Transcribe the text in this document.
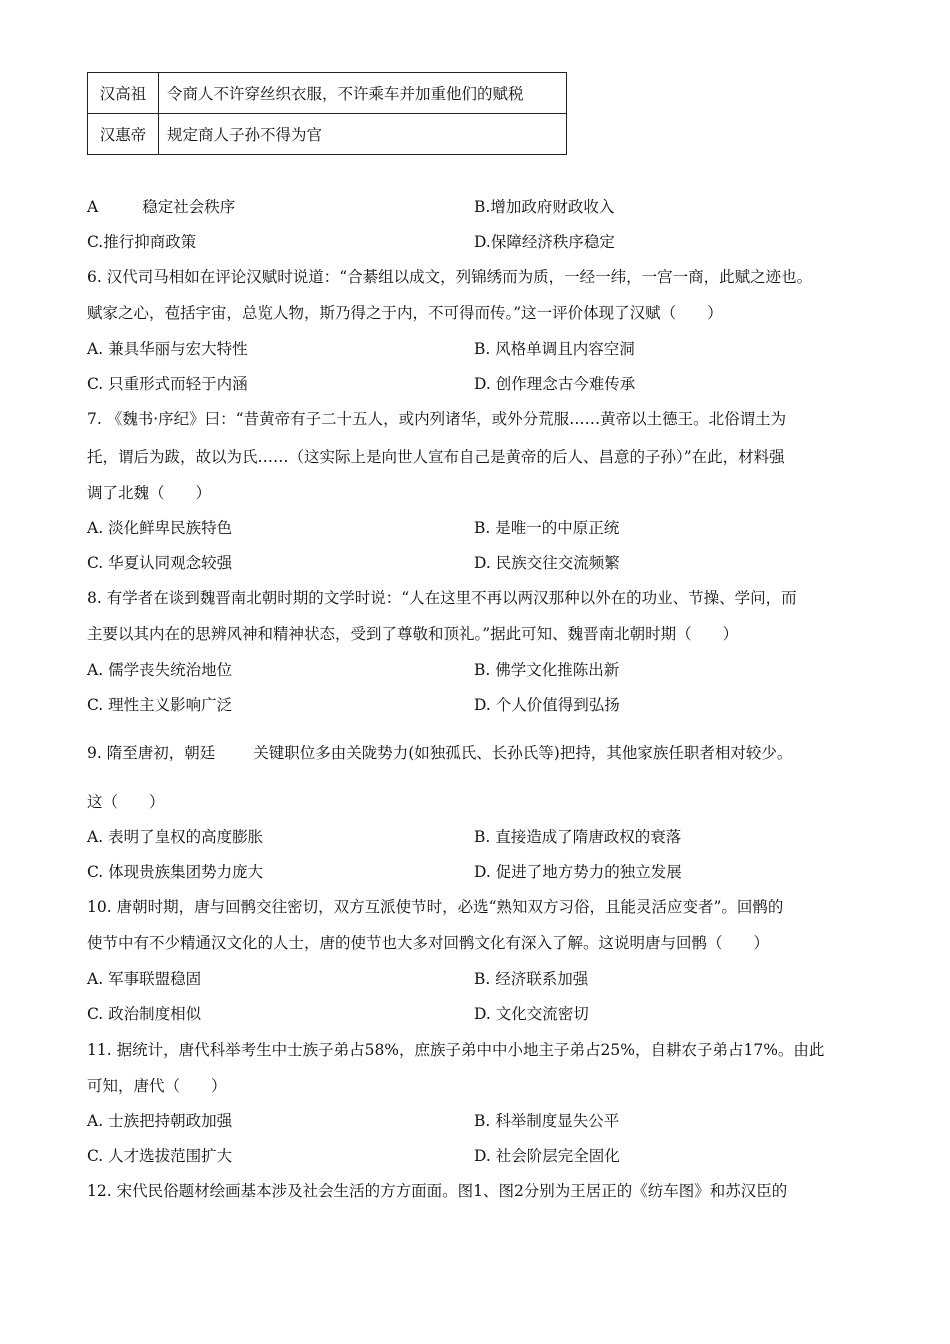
汉高祖	令商人不许穿丝织衣服，不许乘车并加重他们的赋税
汉惠帝	规定商人子孙不得为官
A	稳定社会秩序	B.增加政府财政收入
C.推行抑商政策	D.保障经济秩序稳定
6. 汉代司马相如在评论汉赋时说道：“合綦组以成文，列锦绣而为质，一经一纬，一宫一商，此赋之迹也。
赋家之心，苞括宇宙，总览人物，斯乃得之于内，不可得而传。”这一评价体现了汉赋（　　）
A. 兼具华丽与宏大特性	B. 风格单调且内容空洞
C. 只重形式而轻于内涵	D. 创作理念古今难传承
7. 《魏书·序纪》曰：“昔黄帝有子二十五人，或内列诸华，或外分荒服……黄帝以土德王。北俗谓土为
托，谓后为跋，故以为氏……（这实际上是向世人宣布自己是黄帝的后人、昌意的子孙）”在此，材料强
调了北魏（　　）
A. 淡化鲜卑民族特色	B. 是唯一的中原正统
C. 华夏认同观念较强	D. 民族交往交流频繁
8. 有学者在谈到魏晋南北朝时期的文学时说：“人在这里不再以两汉那种以外在的功业、节操、学问，而
主要以其内在的思辨风神和精神状态，受到了尊敬和顶礼。”据此可知、魏晋南北朝时期（　　）
A. 儒学丧失统治地位	B. 佛学文化推陈出新
C. 理性主义影响广泛	D. 个人价值得到弘扬
9. 隋至唐初，朝廷 关键职位多由关陇势力(如独孤氏、长孙氏等)把持，其他家族任职者相对较少。
这（　　）
A. 表明了皇权的高度膨胀	B. 直接造成了隋唐政权的衰落
C. 体现贵族集团势力庞大	D. 促进了地方势力的独立发展
10. 唐朝时期，唐与回鹘交往密切，双方互派使节时，必选“熟知双方习俗，且能灵活应变者”。回鹘的
使节中有不少精通汉文化的人士，唐的使节也大多对回鹘文化有深入了解。这说明唐与回鹘（　　）
A. 军事联盟稳固	B. 经济联系加强
C. 政治制度相似	D. 文化交流密切
11. 据统计，唐代科举考生中士族子弟占58%，庶族子弟中中小地主子弟占25%，自耕农子弟占17%。由此
可知，唐代（　　）
A. 士族把持朝政加强	B. 科举制度显失公平
C. 人才选拔范围扩大	D. 社会阶层完全固化
12. 宋代民俗题材绘画基本涉及社会生活的方方面面。图1、图2分别为王居正的《纺车图》和苏汉臣的
